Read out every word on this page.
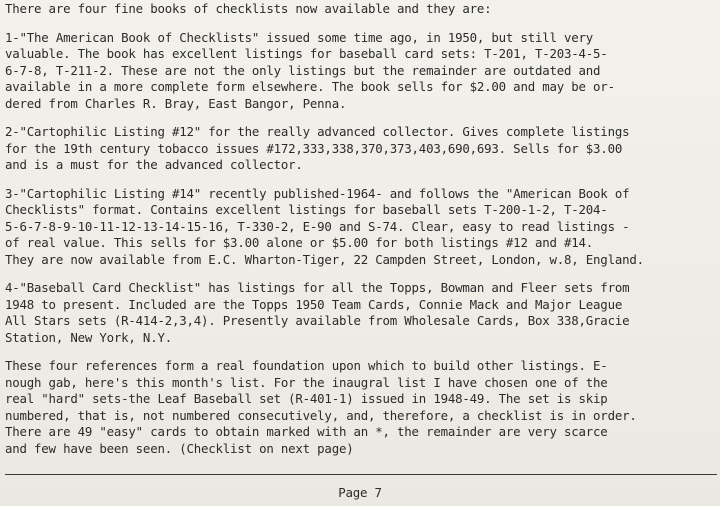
There are four fine books of checklists now available and they are:
1-"The American Book of Checklists" issued some time ago, in 1950, but still very
valuable. The book has excellent listings for baseball card sets: T-201, T-203-4-5-
6-7-8, T-211-2. These are not the only listings but the remainder are outdated and
available in a more complete form elsewhere. The book sells for $2.00 and may be or-
dered from Charles R. Bray, East Bangor, Penna.
2-"Cartophilic Listing #12" for the really advanced collector. Gives complete listings
for the 19th century tobacco issues #172,333,338,370,373,403,690,693. Sells for $3.00
and is a must for the advanced collector.
3-"Cartophilic Listing #14" recently published-1964- and follows the "American Book of
Checklists" format. Contains excellent listings for baseball sets T-200-1-2, T-204-
5-6-7-8-9-10-11-12-13-14-15-16, T-330-2, E-90 and S-74. Clear, easy to read listings -
of real value. This sells for $3.00 alone or $5.00 for both listings #12 and #14.
They are now available from E.C. Wharton-Tiger, 22 Campden Street, London, w.8, England.
4-"Baseball Card Checklist" has listings for all the Topps, Bowman and Fleer sets from
1948 to present. Included are the Topps 1950 Team Cards, Connie Mack and Major League
All Stars sets (R-414-2,3,4). Presently available from Wholesale Cards, Box 338,Gracie
Station, New York, N.Y.
These four references form a real foundation upon which to build other listings. E-
nough gab, here's this month's list. For the inaugral list I have chosen one of the
real "hard" sets-the Leaf Baseball set (R-401-1) issued in 1948-49. The set is skip
numbered, that is, not numbered consecutively, and, therefore, a checklist is in order.
There are 49 "easy" cards to obtain marked with an *, the remainder are very scarce
and few have been seen. (Checklist on next page)
Page 7
